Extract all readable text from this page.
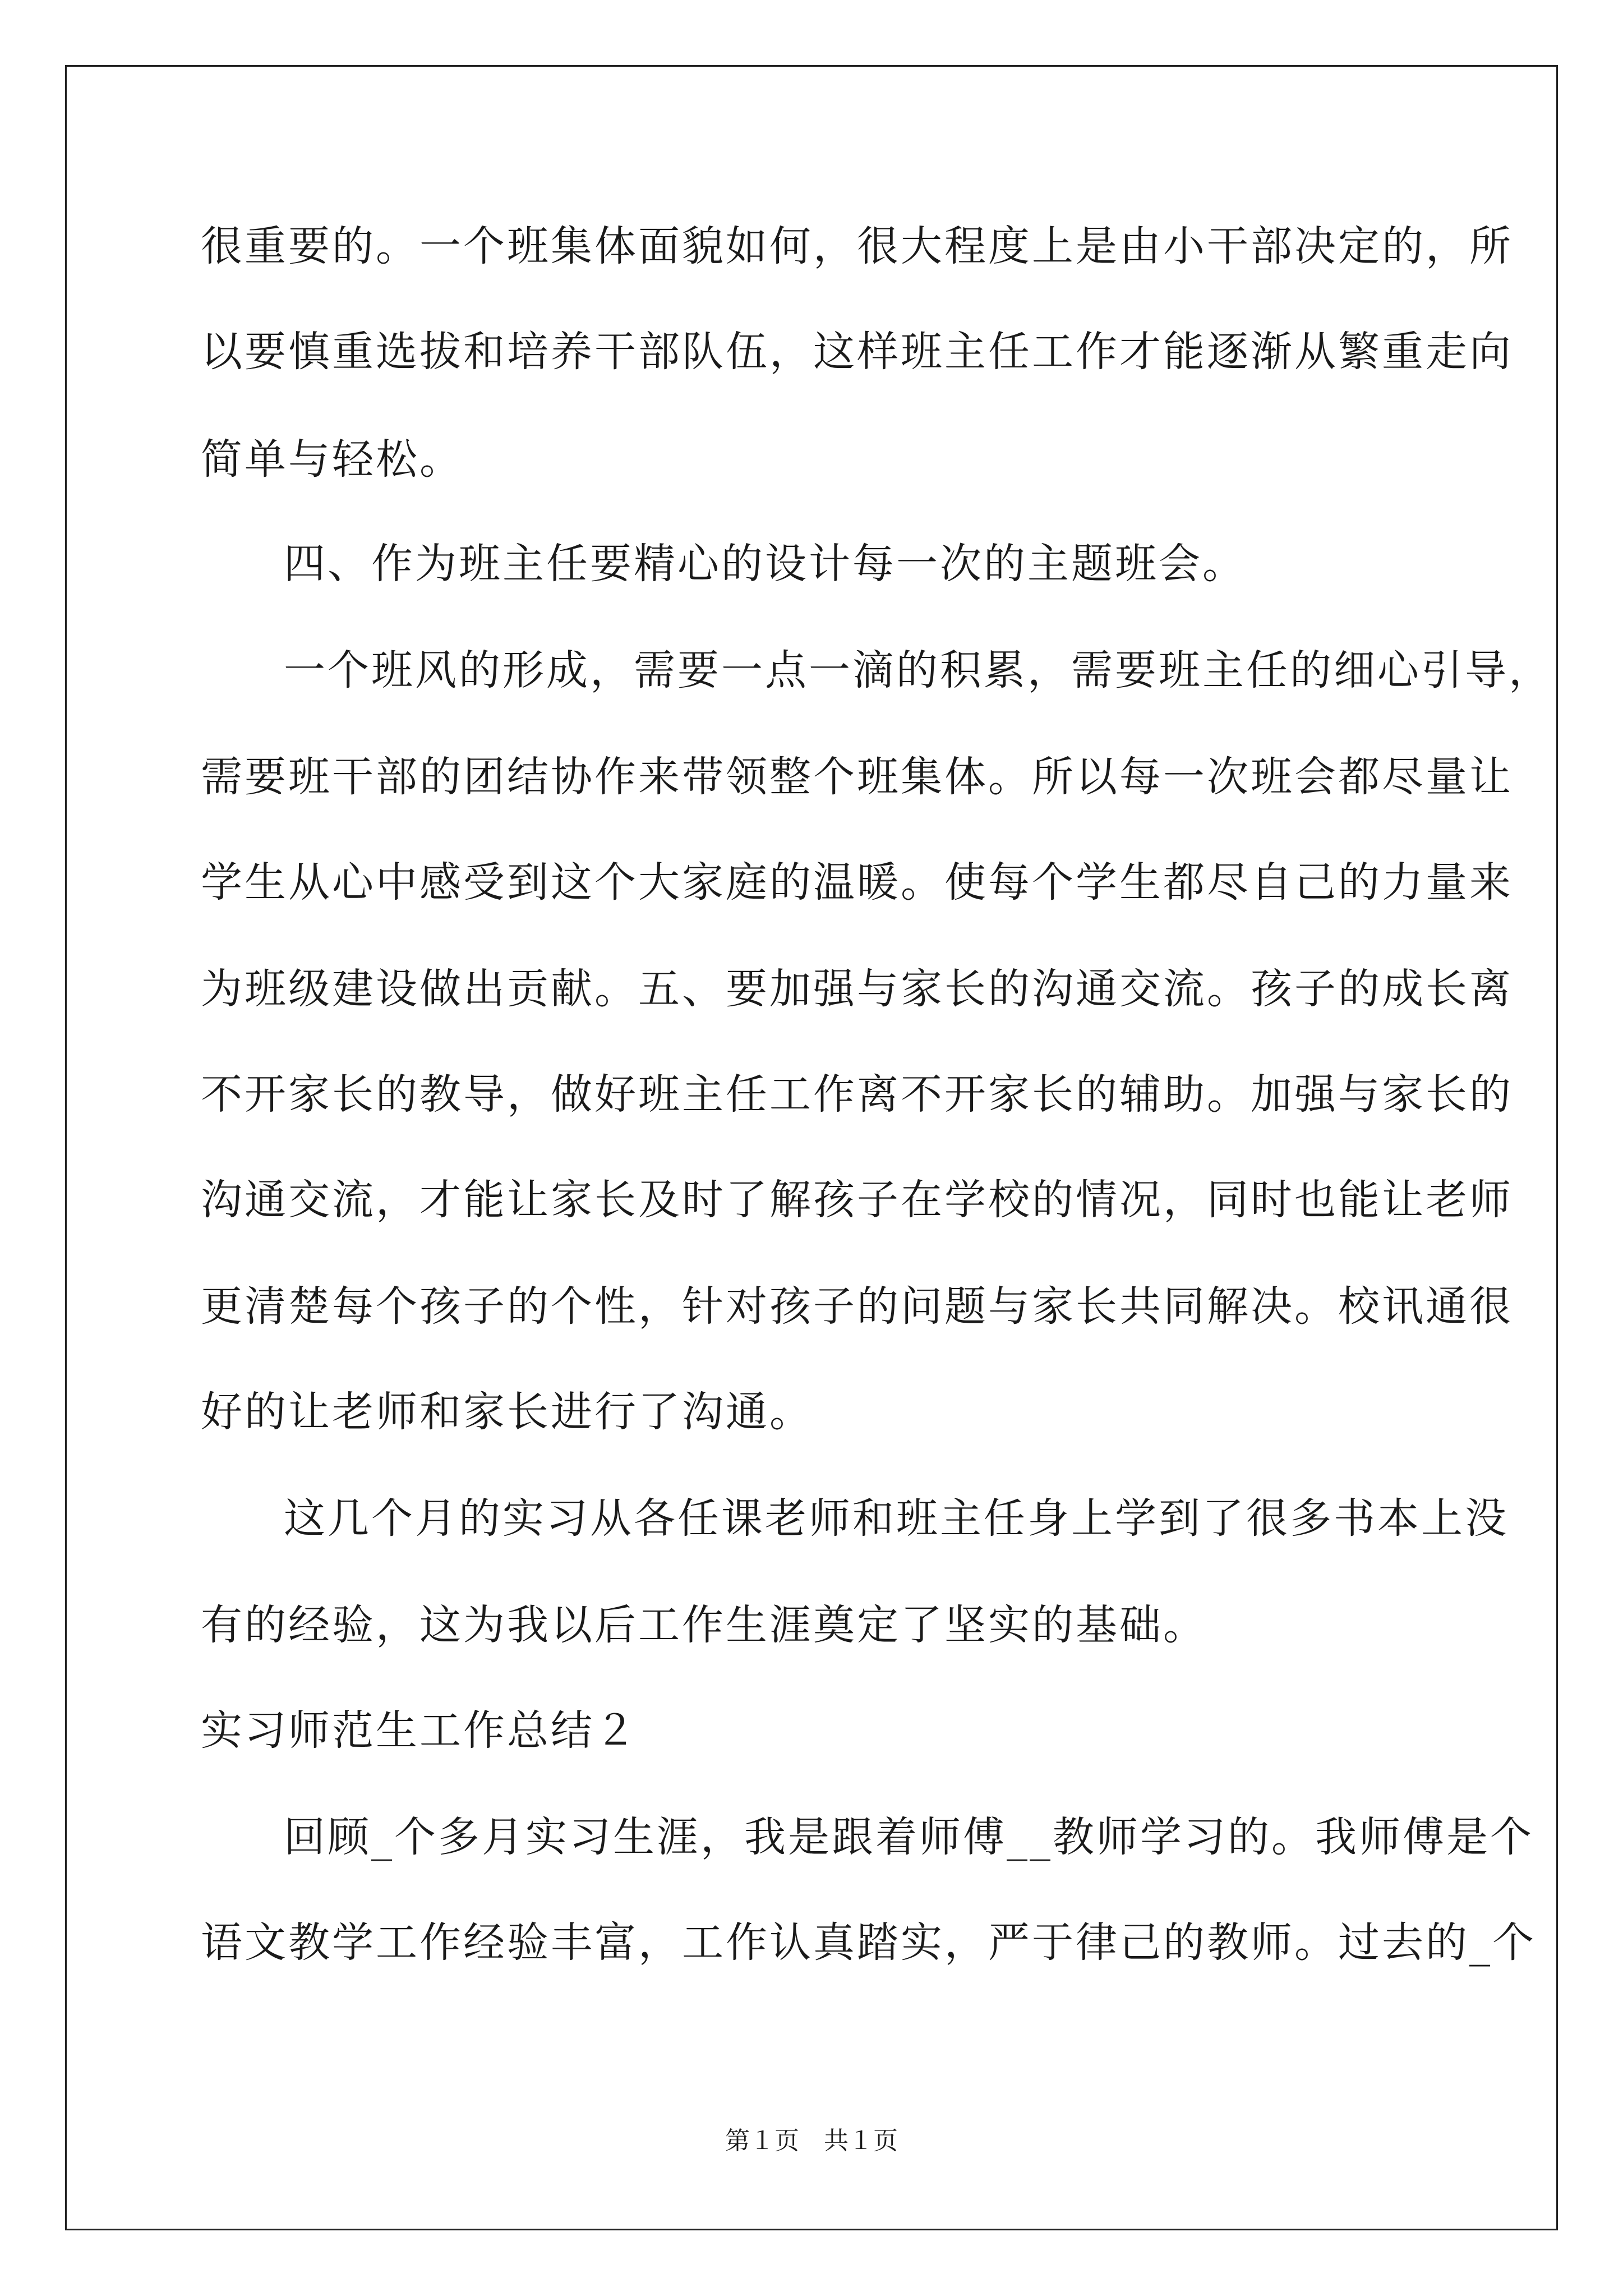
很重要的。一个班集体面貌如何，很大程度上是由小干部决定的，所
以要慎重选拔和培养干部队伍，这样班主任工作才能逐渐从繁重走向
简单与轻松。
四、作为班主任要精心的设计每一次的主题班会。
一个班风的形成，需要一点一滴的积累，需要班主任的细心引导，
需要班干部的团结协作来带领整个班集体。所以每一次班会都尽量让
学生从心中感受到这个大家庭的温暖。使每个学生都尽自己的力量来
为班级建设做出贡献。五、要加强与家长的沟通交流。孩子的成长离
不开家长的教导，做好班主任工作离不开家长的辅助。加强与家长的
沟通交流，才能让家长及时了解孩子在学校的情况，同时也能让老师
更清楚每个孩子的个性，针对孩子的问题与家长共同解决。校讯通很
好的让老师和家长进行了沟通。
这几个月的实习从各任课老师和班主任身上学到了很多书本上没
有的经验，这为我以后工作生涯奠定了坚实的基础。
实习师范生工作总结２
回顾_个多月实习生涯，我是跟着师傅__教师学习的。我师傅是个
语文教学工作经验丰富，工作认真踏实，严于律己的教师。过去的_个
第１页　共１页
